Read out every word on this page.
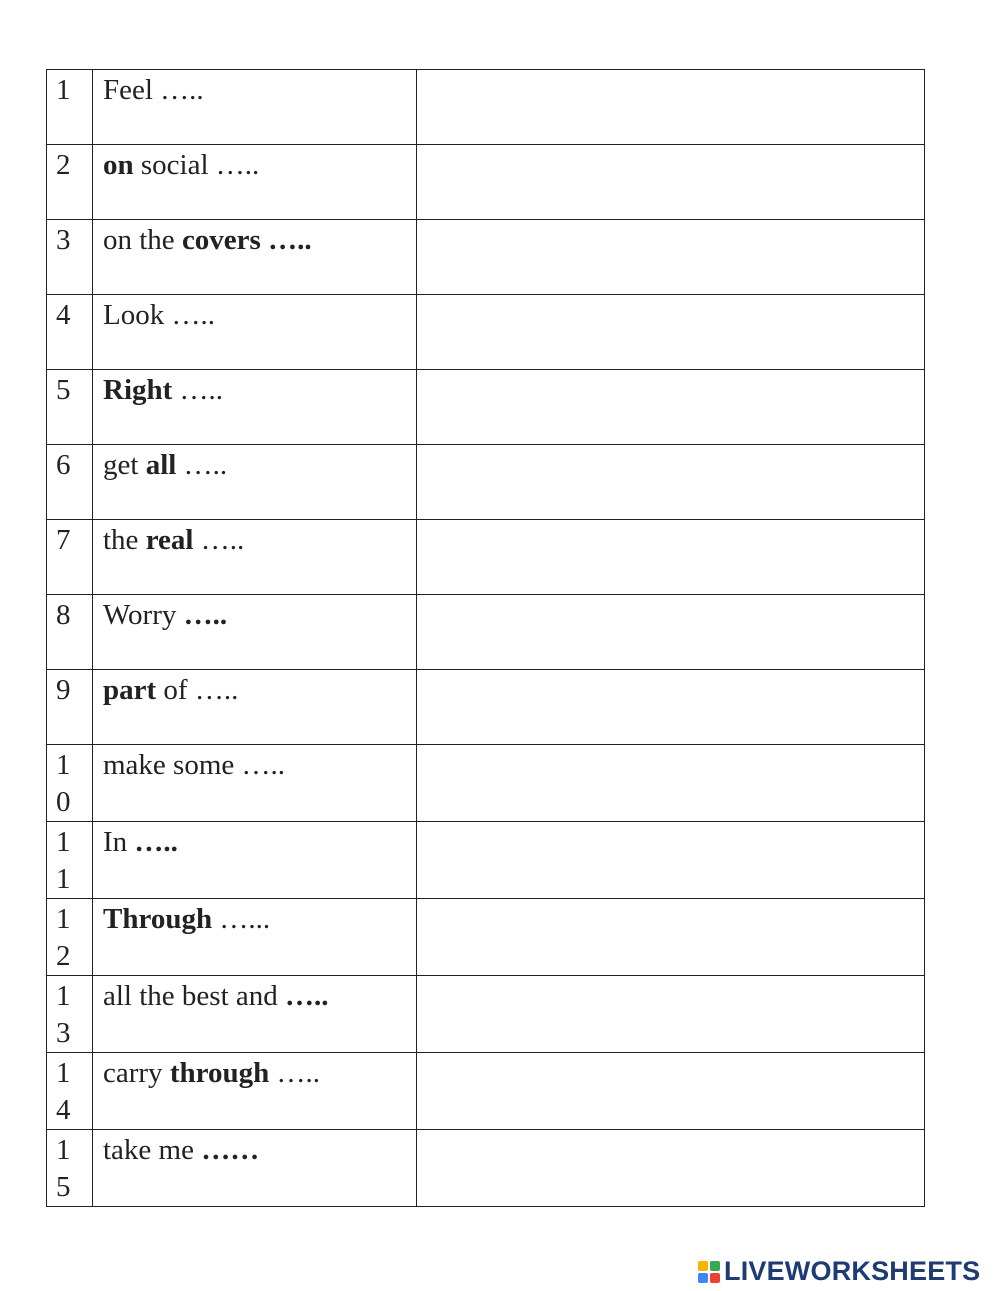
1	Feel …..	

2	on social …..	

3	on the covers …..	

4	Look …..	

5	Right …..	

6	get all …..	

7	the real …..	

8	Worry …..	

9	part of …..	

10	make some …..	

11	In …..	

12	Through …...	

13	all the best and …..	

14	carry through …..	

15	take me ……	
LIVEWORKSHEETS
